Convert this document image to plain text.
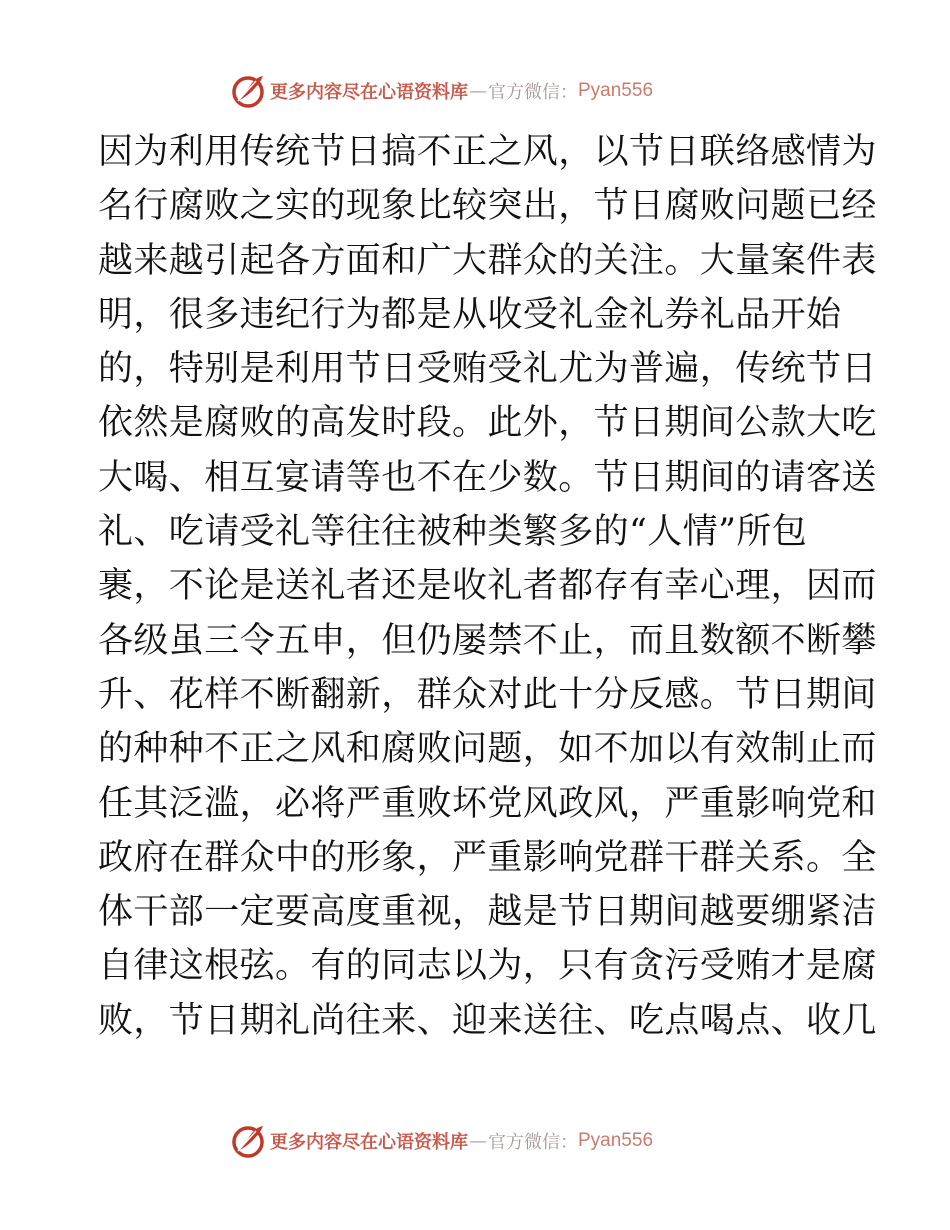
更多内容尽在心语资料库 — 官方微信： Pyan556
因为利用传统节日搞不正之风，以节日联络感情为
名行腐败之实的现象比较突出，节日腐败问题已经
越来越引起各方面和广大群众的关注。大量案件表
明，很多违纪行为都是从收受礼金礼券礼品开始
的，特别是利用节日受贿受礼尤为普遍，传统节日
依然是腐败的高发时段。此外，节日期间公款大吃
大喝、相互宴请等也不在少数。节日期间的请客送
礼、吃请受礼等往往被种类繁多的“人情”所包
裹，不论是送礼者还是收礼者都存有幸心理，因而
各级虽三令五申，但仍屡禁不止，而且数额不断攀
升、花样不断翻新，群众对此十分反感。节日期间
的种种不正之风和腐败问题，如不加以有效制止而
任其泛滥，必将严重败坏党风政风，严重影响党和
政府在群众中的形象，严重影响党群干群关系。全
体干部一定要高度重视，越是节日期间越要绷紧洁
自律这根弦。有的同志以为，只有贪污受贿才是腐
败，节日期礼尚往来、迎来送往、吃点喝点、收几
更多内容尽在心语资料库 — 官方微信： Pyan556
